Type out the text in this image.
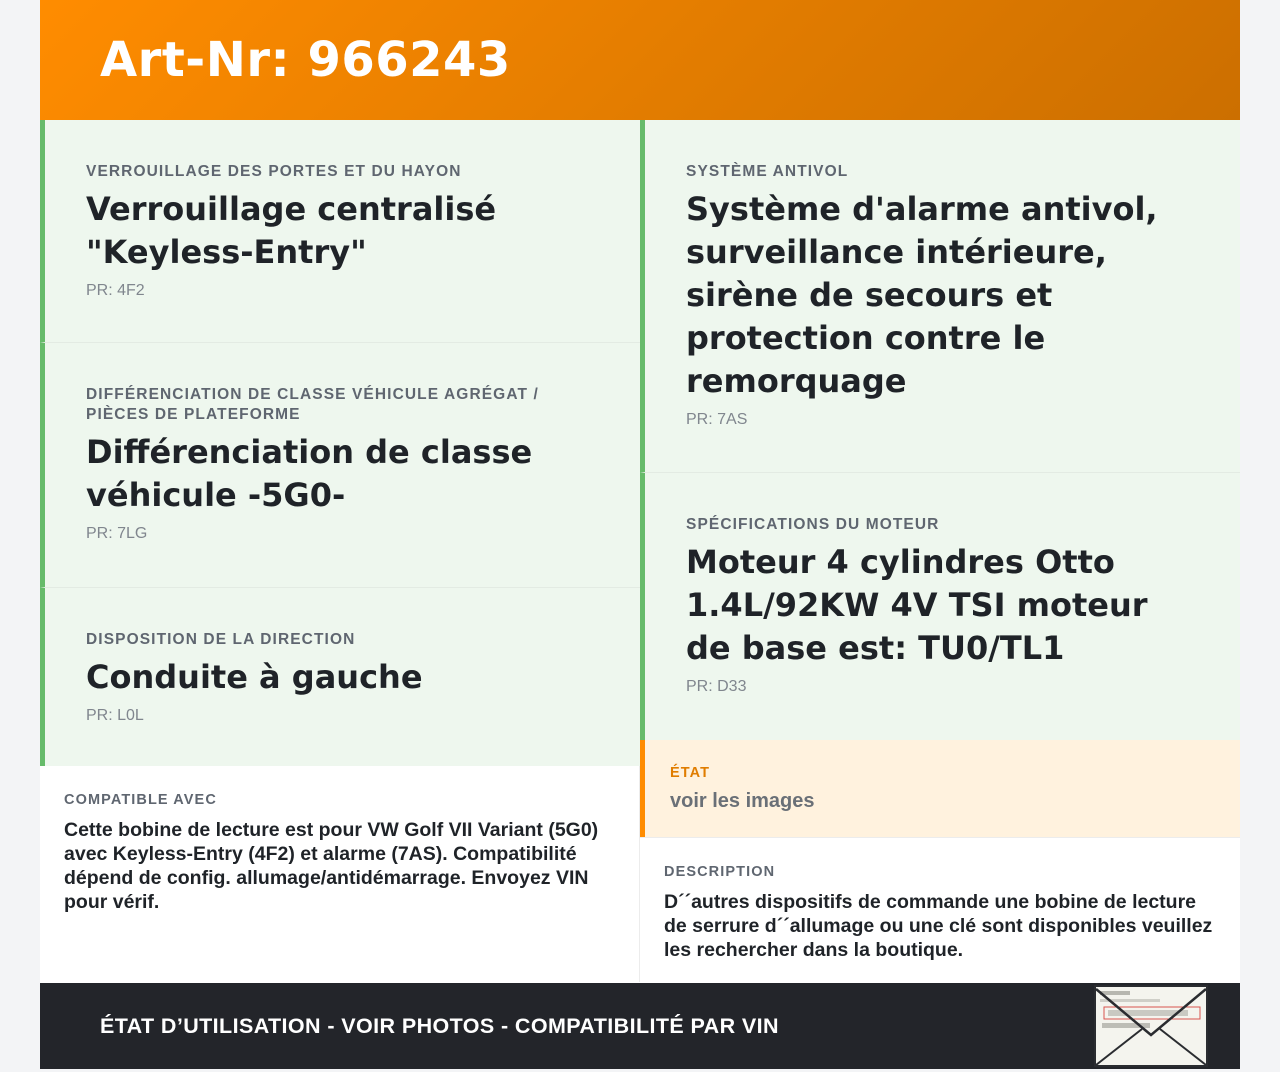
Art-Nr: 966243
VERROUILLAGE DES PORTES ET DU HAYON
Verrouillage centralisé "Keyless-Entry"
PR: 4F2
DIFFÉRENCIATION DE CLASSE VÉHICULE AGRÉGAT / PIÈCES DE PLATEFORME
Différenciation de classe véhicule -5G0-
PR: 7LG
DISPOSITION DE LA DIRECTION
Conduite à gauche
PR: L0L
SYSTÈME ANTIVOL
Système d'alarme antivol, surveillance intérieure, sirène de secours et protection contre le remorquage
PR: 7AS
SPÉCIFICATIONS DU MOTEUR
Moteur 4 cylindres Otto 1.4L/92KW 4V TSI moteur de base est: TU0/TL1
PR: D33
COMPATIBLE AVEC
Cette bobine de lecture est pour VW Golf VII Variant (5G0) avec Keyless-Entry (4F2) et alarme (7AS). Compatibilité dépend de config. allumage/antidémarrage. Envoyez VIN pour vérif.
ÉTAT
voir les images
DESCRIPTION
D´´autres dispositifs de commande une bobine de lecture de serrure d´´allumage ou une clé sont disponibles veuillez les rechercher dans la boutique.
ÉTAT D’UTILISATION - VOIR PHOTOS - COMPATIBILITÉ PAR VIN
